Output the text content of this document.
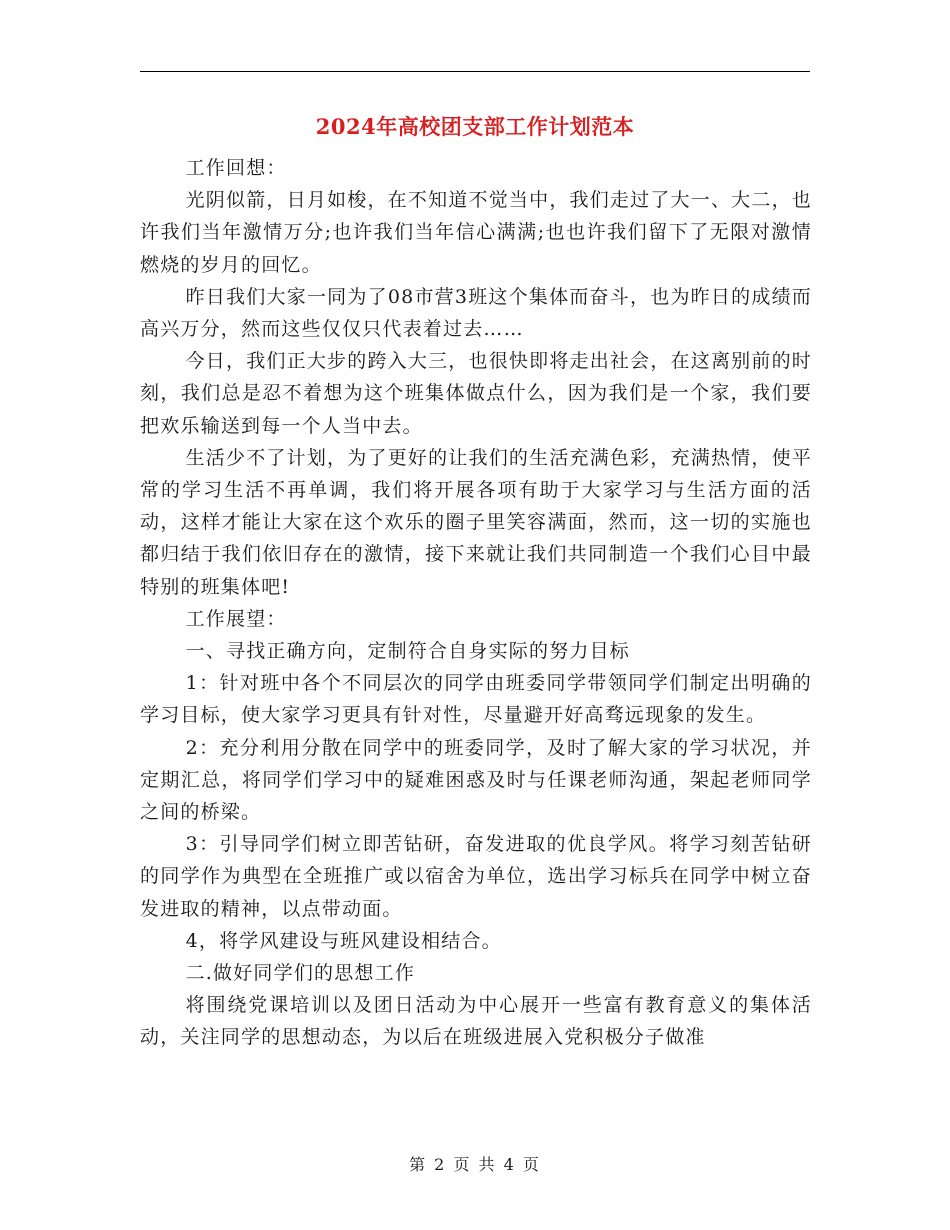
2024年高校团支部工作计划范本

工作回想：

光阴似箭，日月如梭，在不知道不觉当中，我们走过了大一、大二，也许我们当年激情万分;也许我们当年信心满满;也也许我们留下了无限对激情燃烧的岁月的回忆。

昨日我们大家一同为了08市营3班这个集体而奋斗，也为昨日的成绩而高兴万分，然而这些仅仅只代表着过去……

今日，我们正大步的跨入大三，也很快即将走出社会，在这离别前的时刻，我们总是忍不着想为这个班集体做点什么，因为我们是一个家，我们要把欢乐输送到每一个人当中去。

生活少不了计划，为了更好的让我们的生活充满色彩，充满热情，使平常的学习生活不再单调，我们将开展各项有助于大家学习与生活方面的活动，这样才能让大家在这个欢乐的圈子里笑容满面，然而，这一切的实施也都归结于我们依旧存在的激情，接下来就让我们共同制造一个我们心目中最特别的班集体吧!

工作展望：

一、寻找正确方向，定制符合自身实际的努力目标

1：针对班中各个不同层次的同学由班委同学带领同学们制定出明确的学习目标，使大家学习更具有针对性，尽量避开好高骛远现象的发生。

2：充分利用分散在同学中的班委同学，及时了解大家的学习状况，并定期汇总，将同学们学习中的疑难困惑及时与任课老师沟通，架起老师同学之间的桥梁。

3：引导同学们树立即苦钻研，奋发进取的优良学风。将学习刻苦钻研的同学作为典型在全班推广或以宿舍为单位，选出学习标兵在同学中树立奋发进取的精神，以点带动面。

4，将学风建设与班风建设相结合。

二.做好同学们的思想工作

将围绕党课培训以及团日活动为中心展开一些富有教育意义的集体活动，关注同学的思想动态，为以后在班级进展入党积极分子做准

第 2 页 共 4 页
